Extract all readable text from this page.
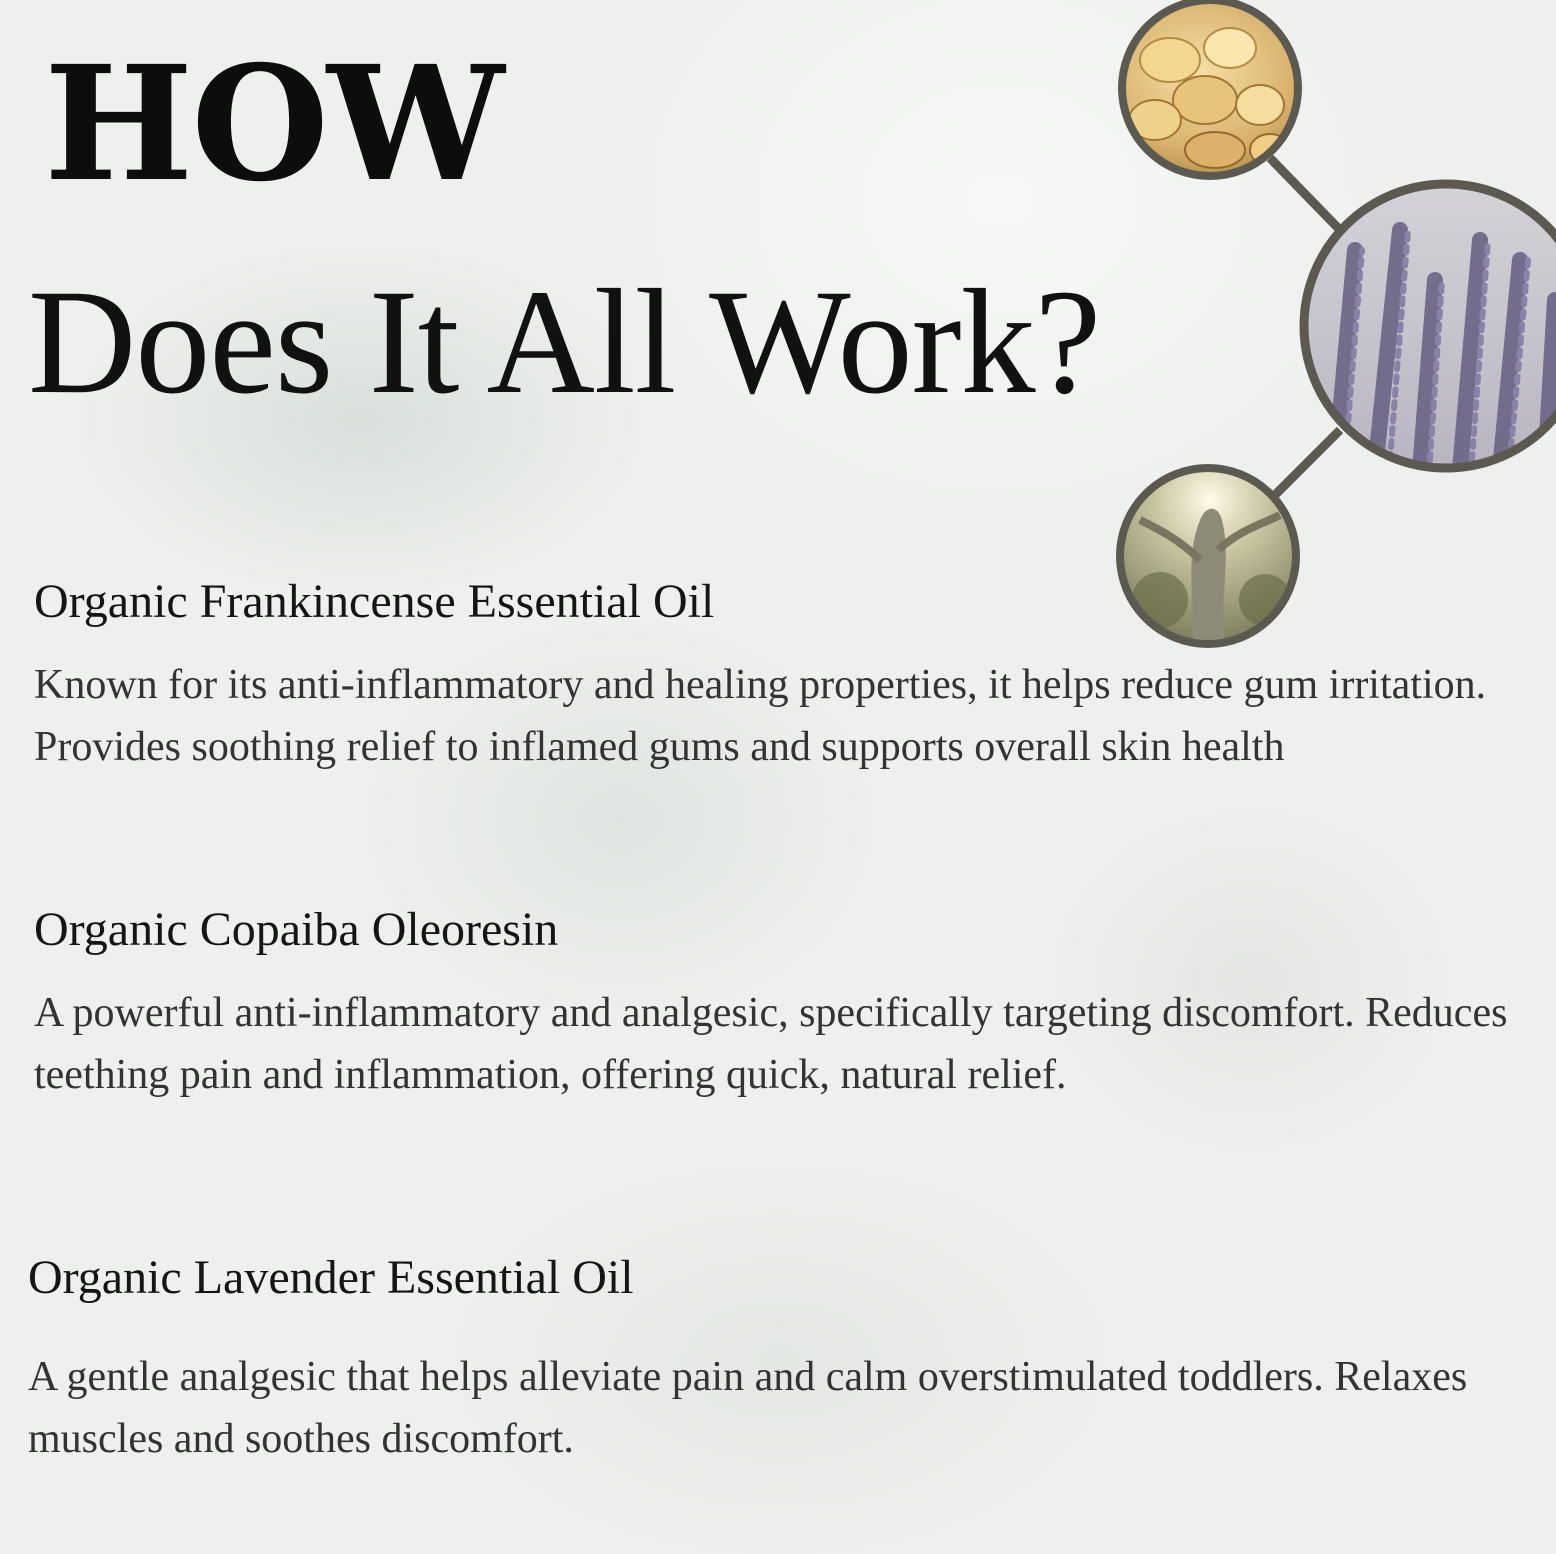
HOW
Does It All Work?
Organic Frankincense Essential Oil

Known for its anti-inflammatory and healing properties, it helps reduce gum irritation. Provides soothing relief to inflamed gums and supports overall skin health

Organic Copaiba Oleoresin

A powerful anti-inflammatory and analgesic, specifically targeting discomfort. Reduces teething pain and inflammation, offering quick, natural relief.

Organic Lavender Essential Oil

A gentle analgesic that helps alleviate pain and calm overstimulated toddlers. Relaxes muscles and soothes discomfort.
